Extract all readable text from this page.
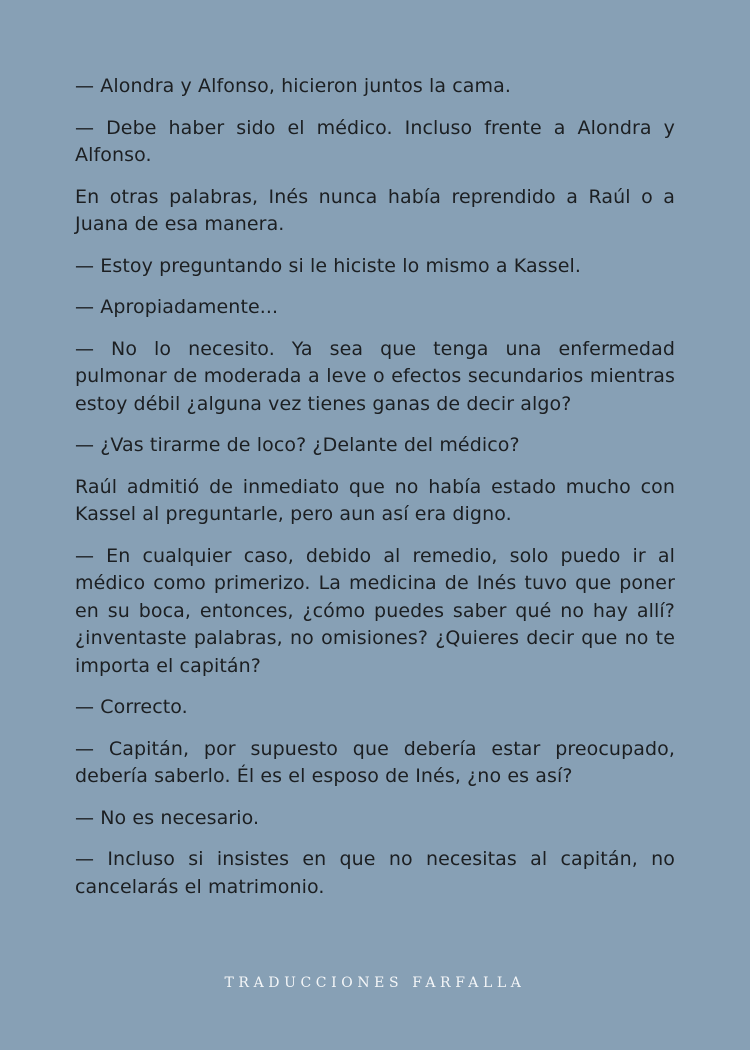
— Alondra y Alfonso, hicieron juntos la cama.

— Debe haber sido el médico. Incluso frente a Alondra y Alfonso.

En otras palabras, Inés nunca había reprendido a Raúl o a Juana de esa manera.

— Estoy preguntando si le hiciste lo mismo a Kassel.

— Apropiadamente...

— No lo necesito. Ya sea que tenga una enfermedad pulmonar de moderada a leve o efectos secundarios mientras estoy débil ¿alguna vez tienes ganas de decir algo?

— ¿Vas tirarme de loco? ¿Delante del médico?

Raúl admitió de inmediato que no había estado mucho con Kassel al preguntarle, pero aun así era digno.

— En cualquier caso, debido al remedio, solo puedo ir al médico como primerizo. La medicina de Inés tuvo que poner en su boca, entonces, ¿cómo puedes saber qué no hay allí? ¿inventaste palabras, no omisiones? ¿Quieres decir que no te importa el capitán?

— Correcto.

— Capitán, por supuesto que debería estar preocupado, debería saberlo. Él es el esposo de Inés, ¿no es así?

— No es necesario.

— Incluso si insistes en que no necesitas al capitán, no cancelarás el matrimonio.

TRADUCCIONES FARFALLA
